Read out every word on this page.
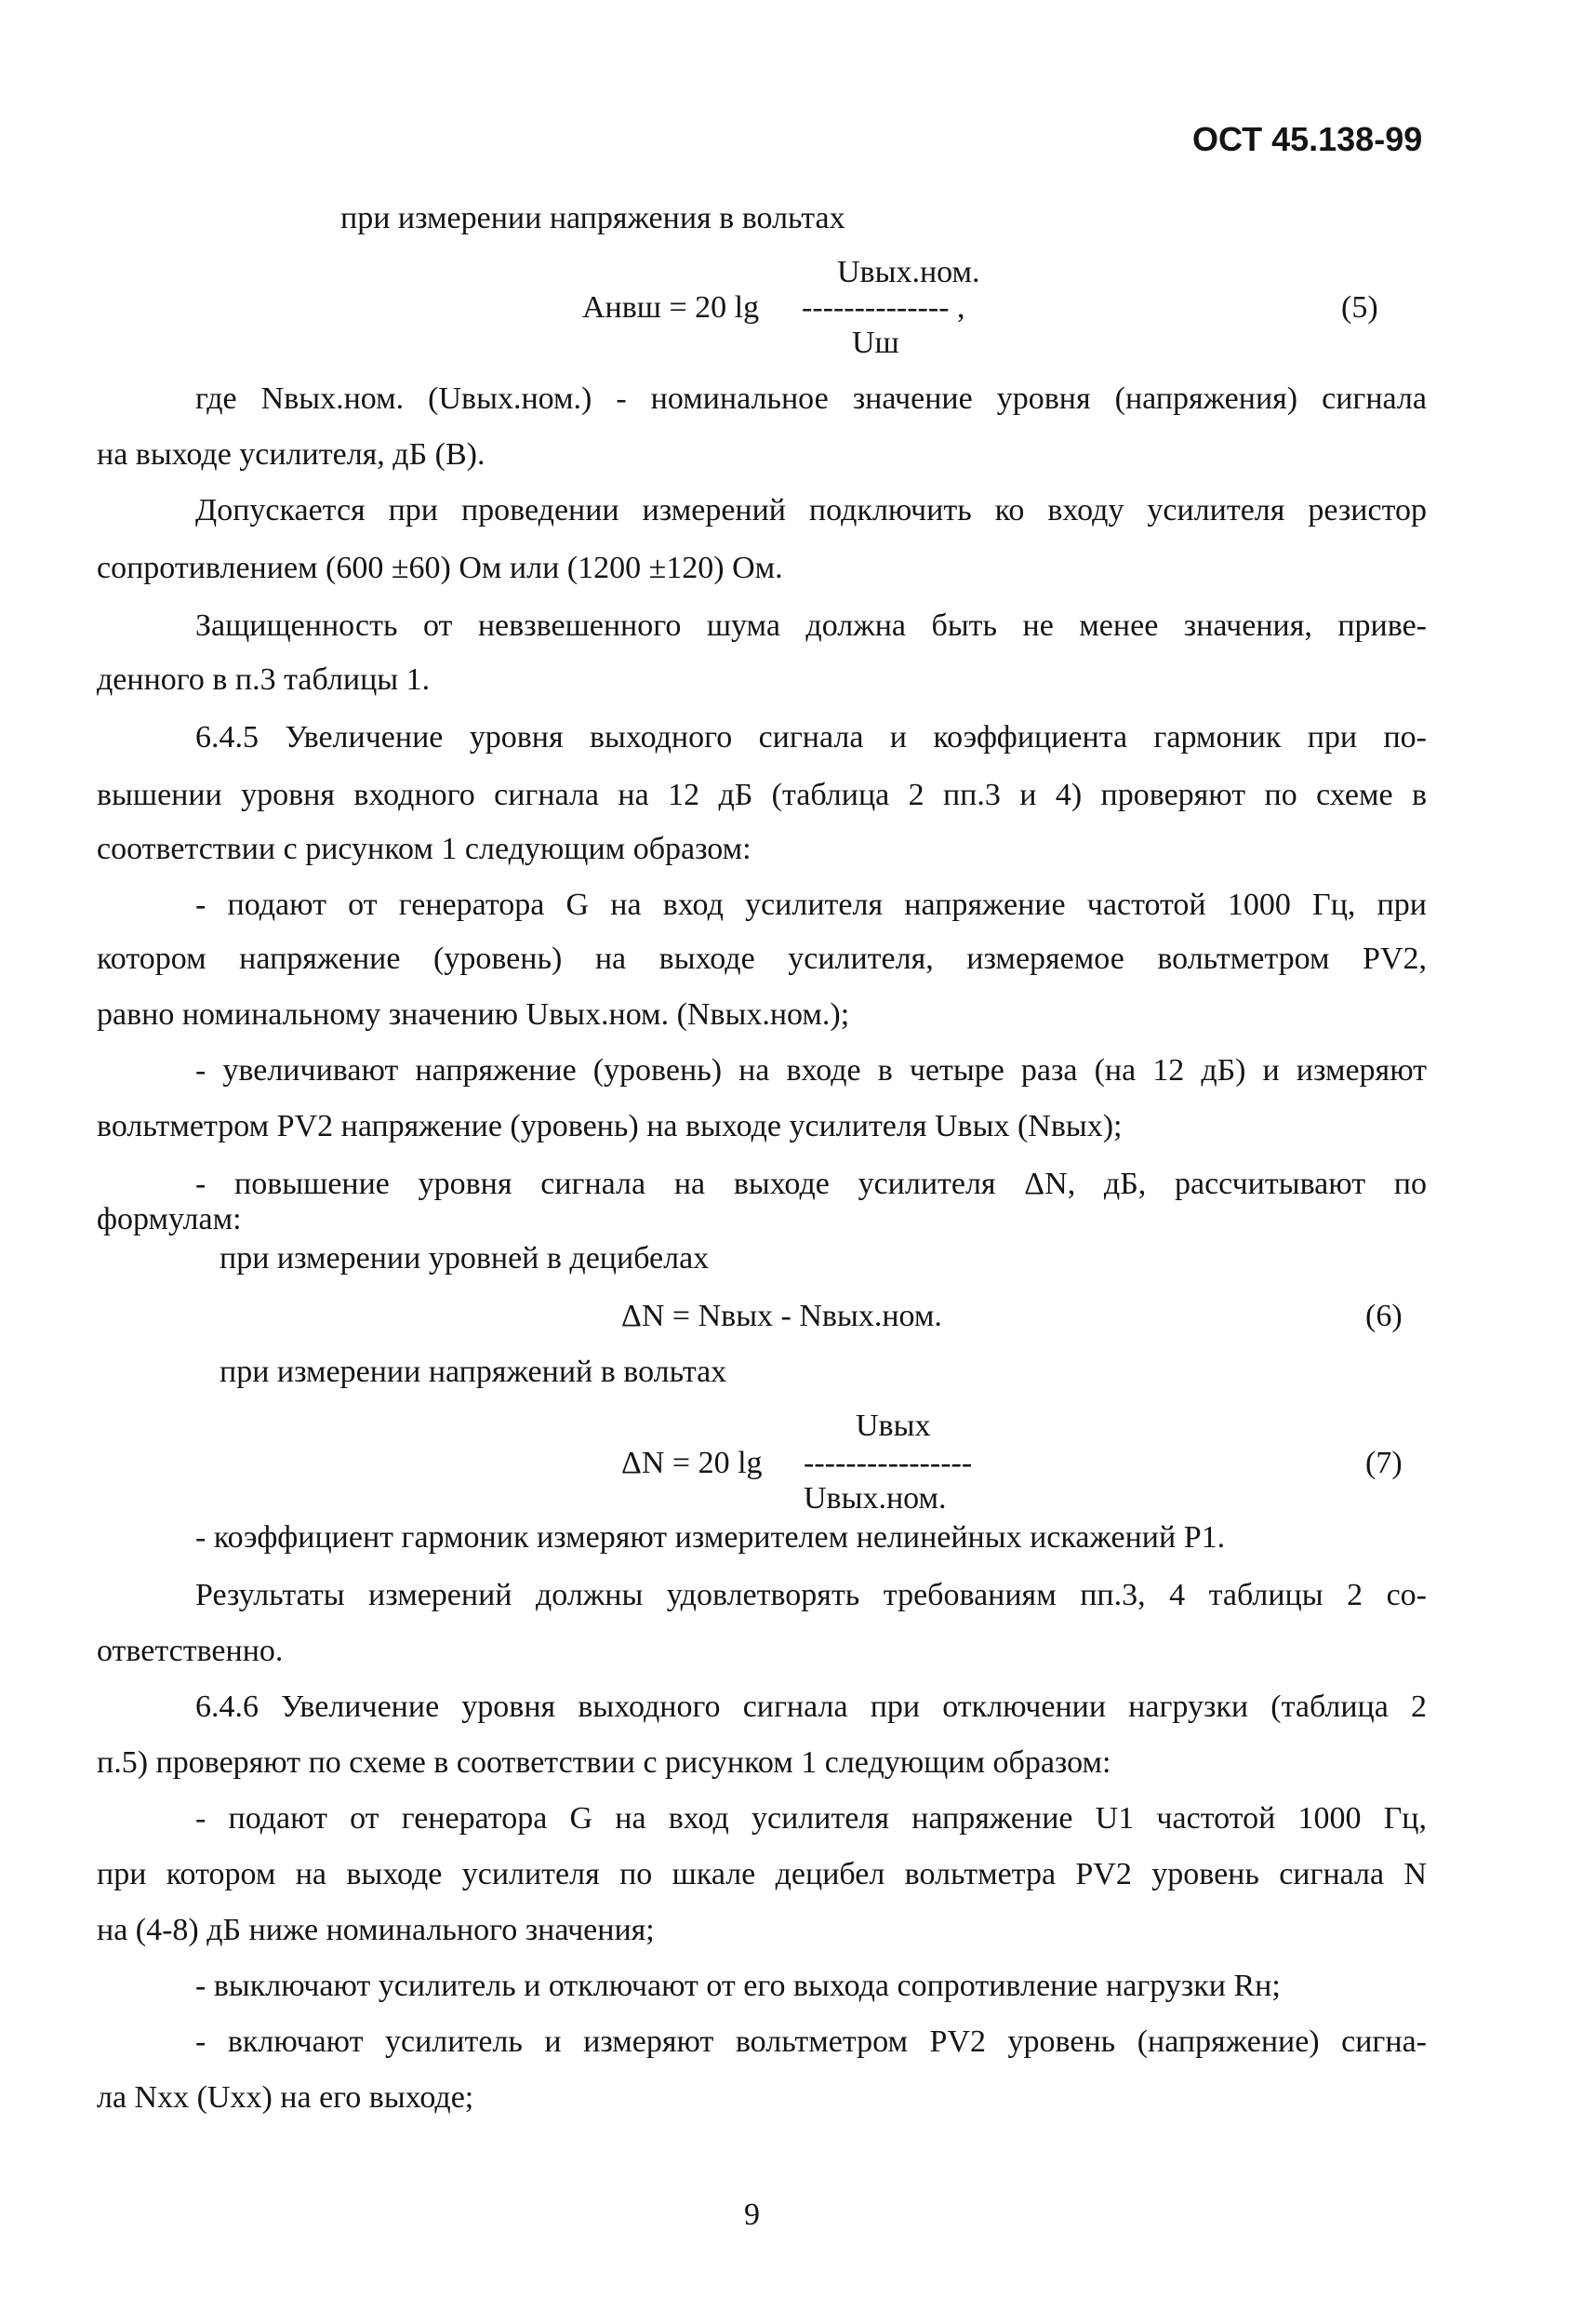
ОСТ 45.138-99
при измерении напряжения в вольтах
Uвых.ном.
Анвш = 20 lg -------------- ,	(5)
Uш
где Nвых.ном. (Uвых.ном.) - номинальное значение уровня (напряжения) сигнала
на выходе усилителя, дБ (В).
Допускается при проведении измерений подключить ко входу усилителя резистор
сопротивлением (600 ±60) Ом или (1200 ±120) Ом.
Защищенность от невзвешенного шума должна быть не менее значения, приве-
денного в п.3 таблицы 1.
6.4.5 Увеличение уровня выходного сигнала и коэффициента гармоник при по-
вышении уровня входного сигнала на 12 дБ (таблица 2 пп.3 и 4) проверяют по схеме в
соответствии с рисунком 1 следующим образом:
- подают от генератора G на вход усилителя напряжение частотой 1000 Гц, при
котором напряжение (уровень) на выходе усилителя, измеряемое вольтметром PV2,
равно номинальному значению Uвых.ном. (Nвых.ном.);
- увеличивают напряжение (уровень) на входе в четыре раза (на 12 дБ) и измеряют
вольтметром PV2 напряжение (уровень) на выходе усилителя Uвых (Nвых);
- повышение уровня сигнала на выходе усилителя ΔN, дБ, рассчитывают по
формулам:
при измерении уровней в децибелах
ΔN = Nвых - Nвых.ном.	(6)
при измерении напряжений в вольтах
Uвых
ΔN = 20 lg ----------------	(7)
Uвых.ном.
- коэффициент гармоник измеряют измерителем нелинейных искажений P1.
Результаты измерений должны удовлетворять требованиям пп.3, 4 таблицы 2 со-
ответственно.
6.4.6 Увеличение уровня выходного сигнала при отключении нагрузки (таблица 2
п.5) проверяют по схеме в соответствии с рисунком 1 следующим образом:
- подают от генератора G на вход усилителя напряжение U1 частотой 1000 Гц,
при котором на выходе усилителя по шкале децибел вольтметра PV2 уровень сигнала N
на (4-8) дБ ниже номинального значения;
- выключают усилитель и отключают от его выхода сопротивление нагрузки Rн;
- включают усилитель и измеряют вольтметром PV2 уровень (напряжение) сигна-
ла Nxx (Uxx) на его выходе;
9
